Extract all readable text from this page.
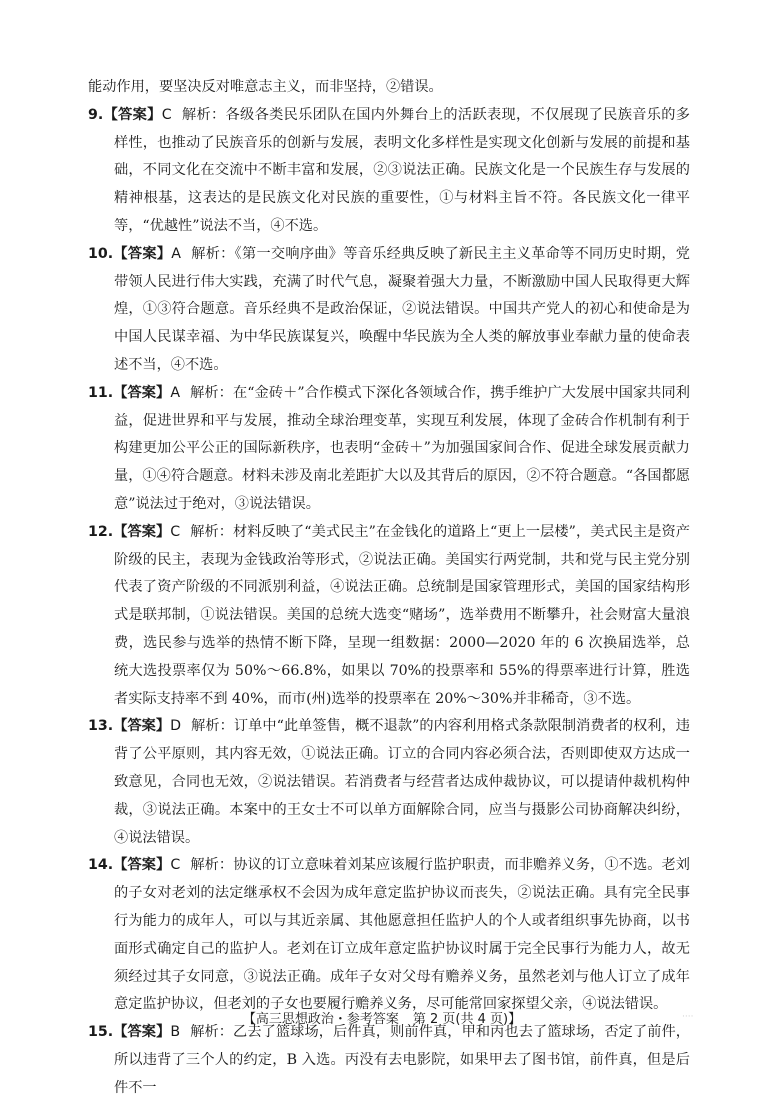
能动作用，要坚决反对唯意志主义，而非坚持，②错误。

9.【答案】C 解析：各级各类民乐团队在国内外舞台上的活跃表现，不仅展现了民族音乐的多样性，也推动了民族音乐的创新与发展，表明文化多样性是实现文化创新与发展的前提和基础，不同文化在交流中不断丰富和发展，②③说法正确。民族文化是一个民族生存与发展的精神根基，这表达的是民族文化对民族的重要性，①与材料主旨不符。各民族文化一律平等，“优越性”说法不当，④不选。

10.【答案】A 解析：《第一交响序曲》等音乐经典反映了新民主主义革命等不同历史时期，党带领人民进行伟大实践，充满了时代气息，凝聚着强大力量，不断激励中国人民取得更大辉煌，①③符合题意。音乐经典不是政治保证，②说法错误。中国共产党人的初心和使命是为中国人民谋幸福、为中华民族谋复兴，唤醒中华民族为全人类的解放事业奉献力量的使命表述不当，④不选。

11.【答案】A 解析：在“金砖＋”合作模式下深化各领域合作，携手维护广大发展中国家共同利益，促进世界和平与发展，推动全球治理变革，实现互利发展，体现了金砖合作机制有利于构建更加公平公正的国际新秩序，也表明“金砖＋”为加强国家间合作、促进全球发展贡献力量，①④符合题意。材料未涉及南北差距扩大以及其背后的原因，②不符合题意。“各国都愿意”说法过于绝对，③说法错误。

12.【答案】C 解析：材料反映了“美式民主”在金钱化的道路上“更上一层楼”，美式民主是资产阶级的民主，表现为金钱政治等形式，②说法正确。美国实行两党制，共和党与民主党分别代表了资产阶级的不同派别利益，④说法正确。总统制是国家管理形式，美国的国家结构形式是联邦制，①说法错误。美国的总统大选变“赌场”，选举费用不断攀升，社会财富大量浪费，选民参与选举的热情不断下降，呈现一组数据：2000—2020 年的 6 次换届选举，总统大选投票率仅为 50%～66.8%，如果以 70%的投票率和 55%的得票率进行计算，胜选者实际支持率不到 40%，而市(州)选举的投票率在 20%～30%并非稀奇，③不选。

13.【答案】D 解析：订单中“此单签售，概不退款”的内容利用格式条款限制消费者的权利，违背了公平原则，其内容无效，①说法正确。订立的合同内容必须合法，否则即使双方达成一致意见，合同也无效，②说法错误。若消费者与经营者达成仲裁协议，可以提请仲裁机构仲裁，③说法正确。本案中的王女士不可以单方面解除合同，应当与摄影公司协商解决纠纷，④说法错误。

14.【答案】C 解析：协议的订立意味着刘某应该履行监护职责，而非赡养义务，①不选。老刘的子女对老刘的法定继承权不会因为成年意定监护协议而丧失，②说法正确。具有完全民事行为能力的成年人，可以与其近亲属、其他愿意担任监护人的个人或者组织事先协商，以书面形式确定自己的监护人。老刘在订立成年意定监护协议时属于完全民事行为能力人，故无须经过其子女同意，③说法正确。成年子女对父母有赡养义务，虽然老刘与他人订立了成年意定监护协议，但老刘的子女也要履行赡养义务，尽可能常回家探望父亲，④说法错误。

15.【答案】B 解析：乙去了篮球场，后件真，则前件真，甲和丙也去了篮球场，否定了前件，所以违背了三个人的约定，B 入选。丙没有去电影院，如果甲去了图书馆，前件真，但是后件不一

【高三思想政治・参考答案 第 2 页(共 4 页)】	····
